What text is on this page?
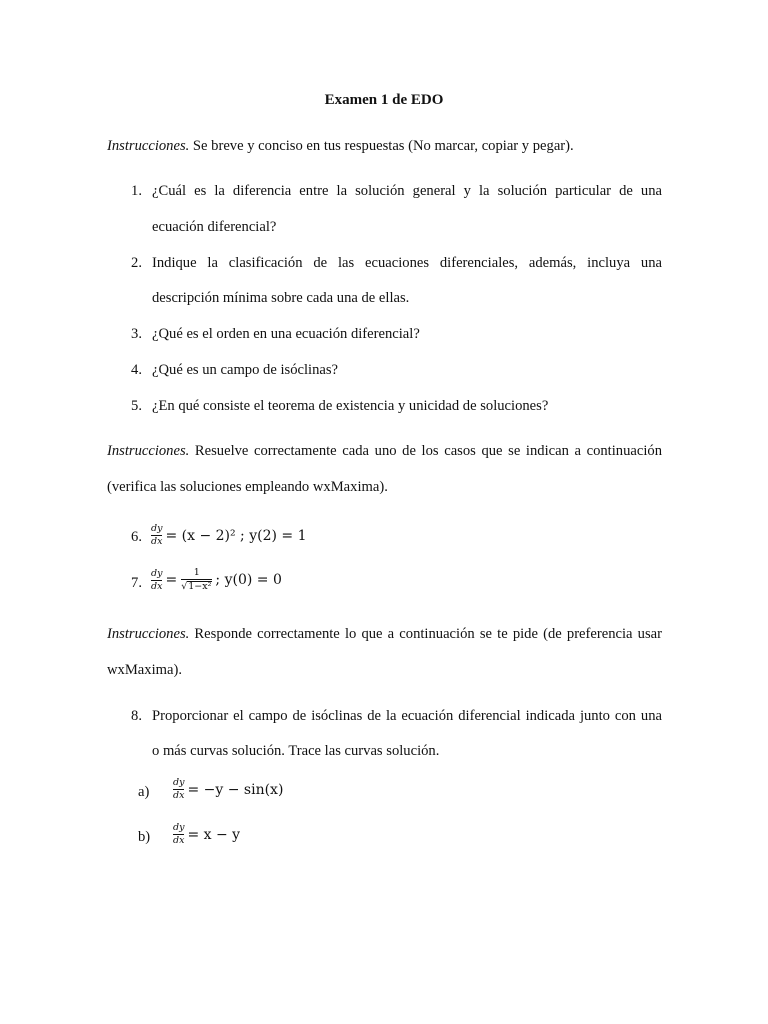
Examen 1 de EDO
Instrucciones. Se breve y conciso en tus respuestas (No marcar, copiar y pegar).
1. ¿Cuál es la diferencia entre la solución general y la solución particular de una
ecuación diferencial?
2. Indique la clasificación de las ecuaciones diferenciales, además, incluya una
descripción mínima sobre cada una de ellas.
3. ¿Qué es el orden en una ecuación diferencial?
4. ¿Qué es un campo de isóclinas?
5. ¿En qué consiste el teorema de existencia y unicidad de soluciones?
Instrucciones. Resuelve correctamente cada uno de los casos que se indican a continuación
(verifica las soluciones empleando wxMaxima).
6. $\frac{dy}{dx} = (x - 2)^2$ ; y(2) = 1
7. $\frac{dy}{dx} = \frac{1}{\text{√ 1−x²}}$ ; y(0) = 0
Instrucciones. Responde correctamente lo que a continuación se te pide (de preferencia usar
wxMaxima).
8. Proporcionar el campo de isóclinas de la ecuación diferencial indicada junto con una
o más curvas solución. Trace las curvas solución.
a)	$\frac{dy}{dx} = -y - \sin(x)$
b)	$\frac{dy}{dx} = x - y$
